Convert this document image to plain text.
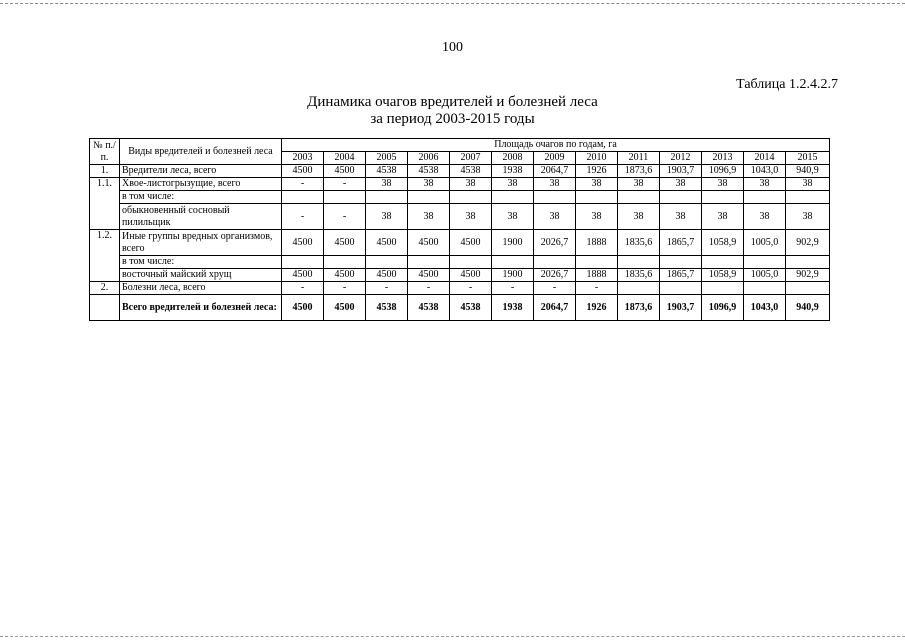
100
Таблица 1.2.4.2.7
Динамика очагов вредителей и болезней леса
за период 2003-2015 годы
№ п./п.	Виды вредителей и болезней леса	Площадь очагов по годам, га												
		2003	2004	2005	2006	2007	2008	2009	2010	2011	2012	2013	2014	2015
1.	Вредители леса, всего	4500	4500	4538	4538	4538	1938	2064,7	1926	1873,6	1903,7	1096,9	1043,0	940,9
1.1.	Хвое-листогрызущие, всего	-	-	38	38	38	38	38	38	38	38	38	38	38
	в том числе:													
	обыкновенный сосновый пилильщик	-	-	38	38	38	38	38	38	38	38	38	38	38
1.2.	Иные группы вредных организмов, всего	4500	4500	4500	4500	4500	1900	2026,7	1888	1835,6	1865,7	1058,9	1005,0	902,9
	в том числе:													
	восточный майский хрущ	4500	4500	4500	4500	4500	1900	2026,7	1888	1835,6	1865,7	1058,9	1005,0	902,9
2.	Болезни леса, всего	-	-	-	-	-	-	-	-					
	Всего вредителей и болезней леса:	4500	4500	4538	4538	4538	1938	2064,7	1926	1873,6	1903,7	1096,9	1043,0	940,9
